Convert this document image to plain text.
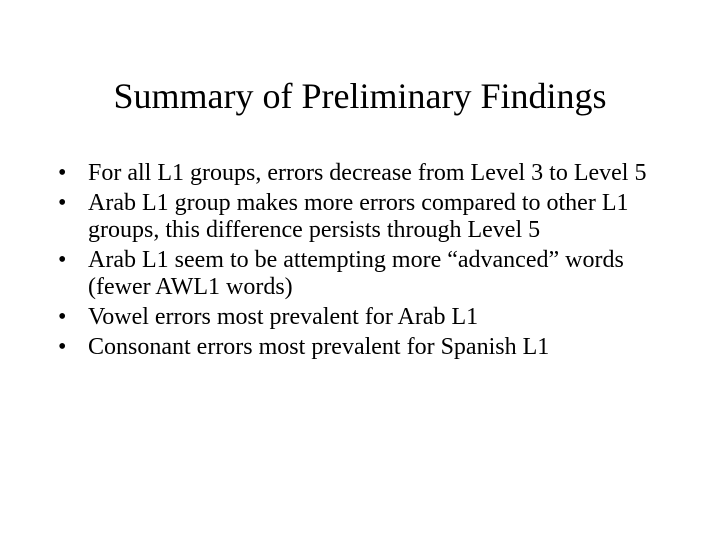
Summary of Preliminary Findings
• For all L1 groups, errors decrease from Level 3 to Level 5
• Arab L1 group makes more errors compared to other L1 groups, this difference persists through Level 5
• Arab L1 seem to be attempting more “advanced” words (fewer AWL1 words)
• Vowel errors most prevalent for Arab L1
• Consonant errors most prevalent for Spanish L1
